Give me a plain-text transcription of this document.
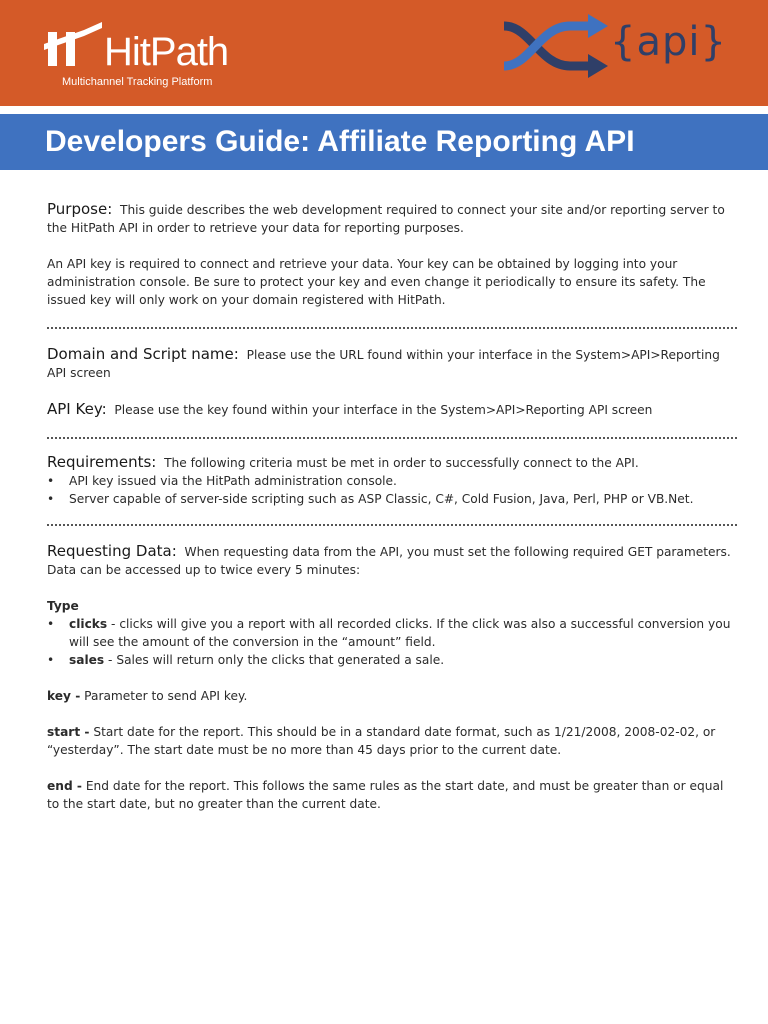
HitPath
Multichannel Tracking Platform
{api}
Developers Guide: Affiliate Reporting API

Purpose: This guide describes the web development required to connect your site and/or reporting server to the HitPath API in order to retrieve your data for reporting purposes.

An API key is required to connect and retrieve your data. Your key can be obtained by logging into your administration console. Be sure to protect your key and even change it periodically to ensure its safety. The issued key will only work on your domain registered with HitPath.

Domain and Script name: Please use the URL found within your interface in the System>API>Reporting API screen

API Key: Please use the key found within your interface in the System>API>Reporting API screen

Requirements: The following criteria must be met in order to successfully connect to the API.

• API key issued via the HitPath administration console.
• Server capable of server-side scripting such as ASP Classic, C#, Cold Fusion, Java, Perl, PHP or VB.Net.

Requesting Data: When requesting data from the API, you must set the following required GET parameters. Data can be accessed up to twice every 5 minutes:

Type

• clicks - clicks will give you a report with all recorded clicks. If the click was also a successful conversion you will see the amount of the conversion in the “amount” field.
• sales - Sales will return only the clicks that generated a sale.

key - Parameter to send API key.

start - Start date for the report. This should be in a standard date format, such as 1/21/2008, 2008-02-02, or “yesterday”. The start date must be no more than 45 days prior to the current date.

end - End date for the report. This follows the same rules as the start date, and must be greater than or equal to the start date, but no greater than the current date.
